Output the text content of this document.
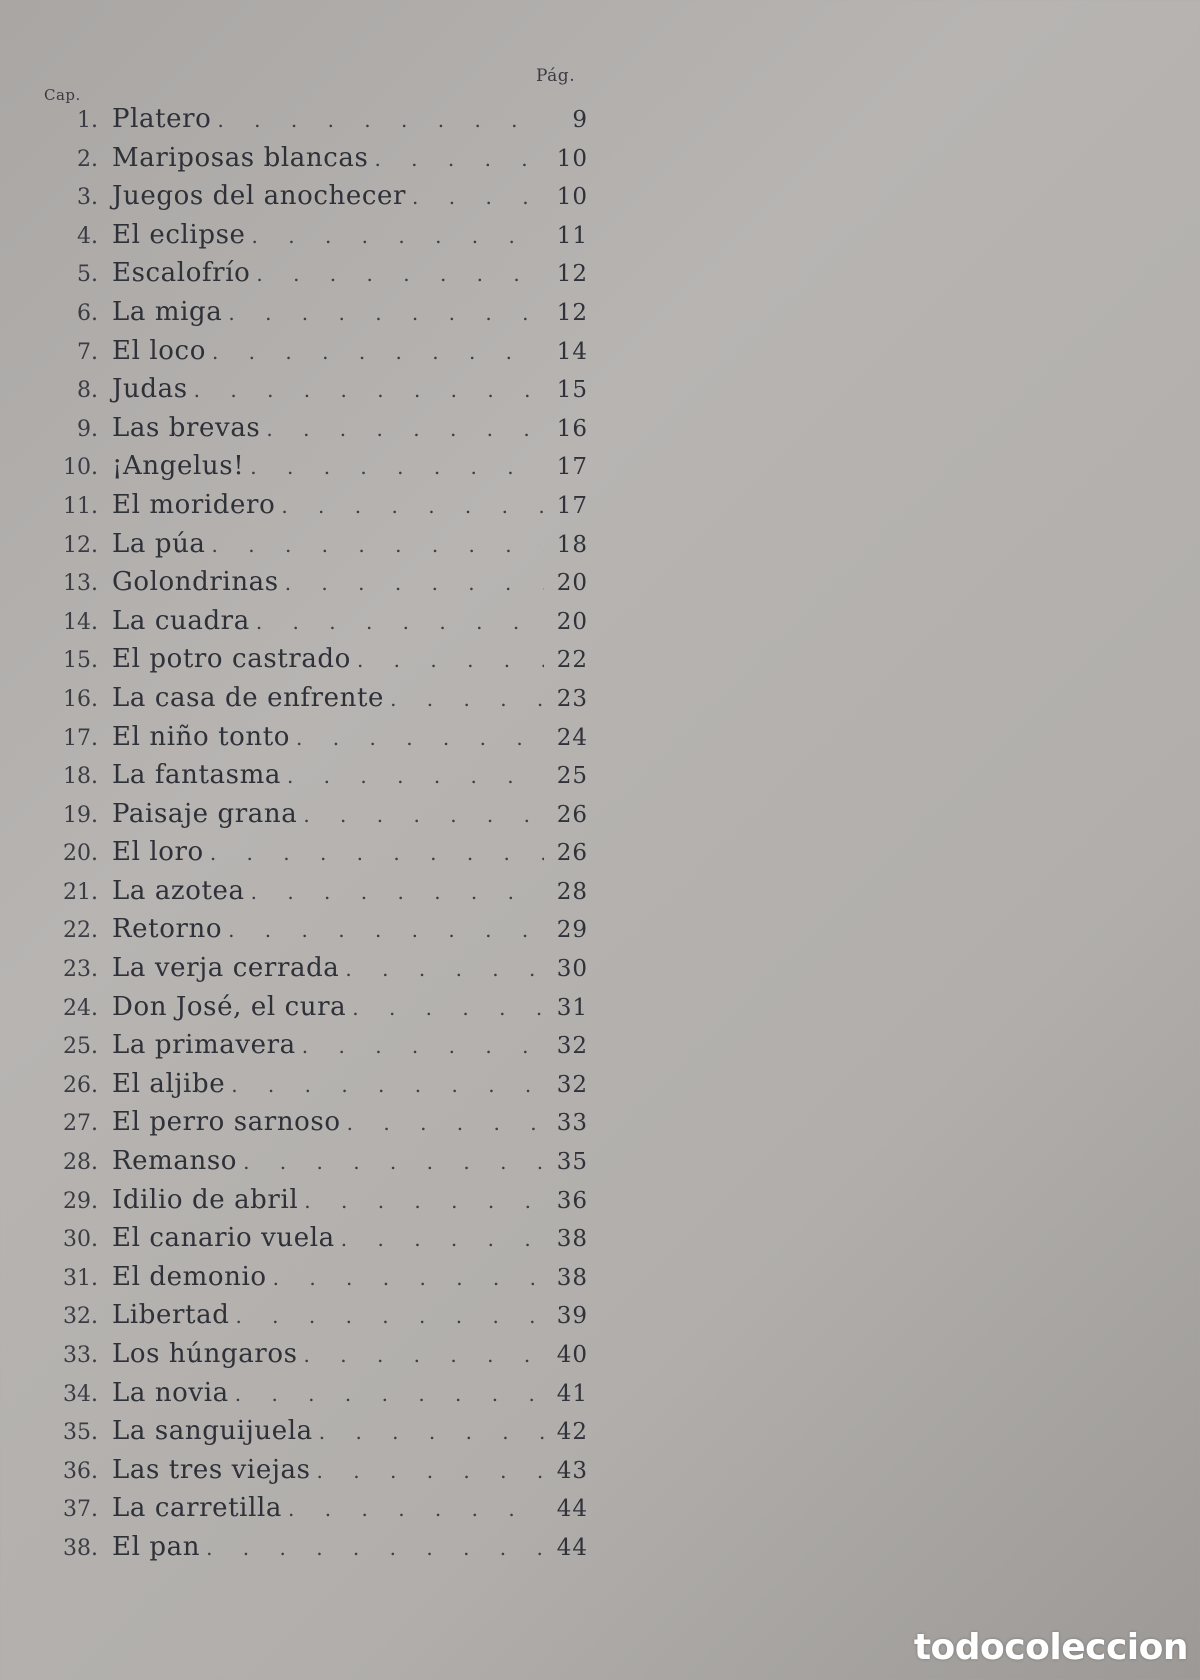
Cap.
Pág.
1. Platero . . .	9
2. Mariposas blancas . . .	10
3. Juegos del anochecer . . .	10
4. El eclipse . . .	11
5. Escalofrío . . .	12
6. La miga . . .	12
7. El loco . . .	14
8. Judas . . .	15
9. Las brevas . . .	16
10. ¡Angelus! . . .	17
11. El moridero . . .	17
12. La púa . . .	18
13. Golondrinas . . .	20
14. La cuadra . . .	20
15. El potro castrado . . .	22
16. La casa de enfrente . . .	23
17. El niño tonto . . .	24
18. La fantasma . . .	25
19. Paisaje grana . . .	26
20. El loro . . .	26
21. La azotea . . .	28
22. Retorno . . .	29
23. La verja cerrada . . .	30
24. Don José, el cura . . .	31
25. La primavera . . .	32
26. El aljibe . . .	32
27. El perro sarnoso . . .	33
28. Remanso . . .	35
29. Idilio de abril . . .	36
30. El canario vuela . . .	38
31. El demonio . . .	38
32. Libertad . . .	39
33. Los húngaros . . .	40
34. La novia . . .	41
35. La sanguijuela . . .	42
36. Las tres viejas . . .	43
37. La carretilla . . .	44
38. El pan . . .	44
todocoleccion
